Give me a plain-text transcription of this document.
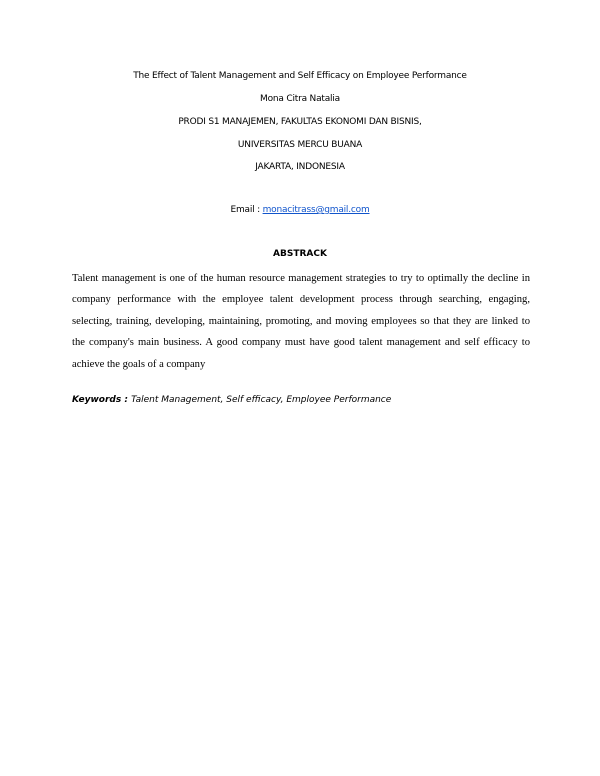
The Effect of Talent Management and Self Efficacy on Employee Performance
Mona Citra Natalia
PRODI S1 MANAJEMEN, FAKULTAS EKONOMI DAN BISNIS,
UNIVERSITAS MERCU BUANA
JAKARTA, INDONESIA
Email : monacitrass@gmail.com
ABSTRACK

Talent management is one of the human resource management strategies to try to optimally the decline in company performance with the employee talent development process through searching, engaging, selecting, training, developing, maintaining, promoting, and moving employees so that they are linked to the company's main business. A good company must have good talent management and self efficacy to achieve the goals of a company

Keywords : Talent Management, Self efficacy, Employee Performance
